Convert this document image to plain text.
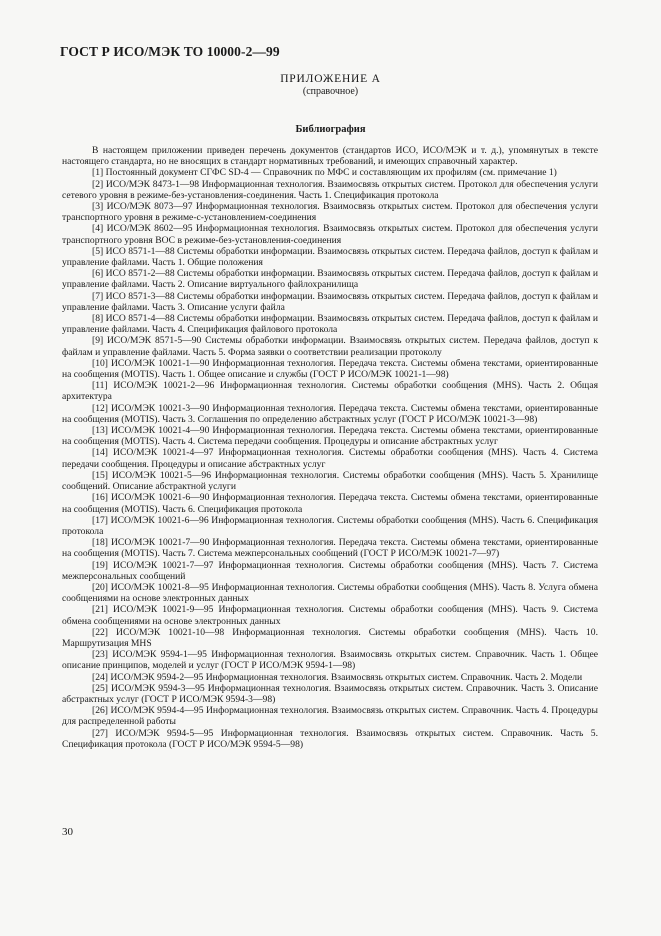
ГОСТ Р ИСО/МЭК ТО 10000-2—99
ПРИЛОЖЕНИЕ А
(справочное)
Библиография

В настоящем приложении приведен перечень документов (стандартов ИСО, ИСО/МЭК и т. д.), упомянутых в тексте настоящего стандарта, но не вносящих в стандарт нормативных требований, и имеющих справочный характер.

[1] Постоянный документ СГФС SD-4 — Справочник по МФС и составляющим их профилям (см. примечание 1)

[2] ИСО/МЭК 8473-1—98 Информационная технология. Взаимосвязь открытых систем. Протокол для обеспечения услуги сетевого уровня в режиме-без-установления-соединения. Часть 1. Спецификация протокола

[3] ИСО/МЭК 8073—97 Информационная технология. Взаимосвязь открытых систем. Протокол для обеспечения услуги транспортного уровня в режиме-с-установлением-соединения

[4] ИСО/МЭК 8602—95 Информационная технология. Взаимосвязь открытых систем. Протокол для обеспечения услуги транспортного уровня ВОС в режиме-без-установления-соединения

[5] ИСО 8571-1—88 Системы обработки информации. Взаимосвязь открытых систем. Передача файлов, доступ к файлам и управление файлами. Часть 1. Общие положения

[6] ИСО 8571-2—88 Системы обработки информации. Взаимосвязь открытых систем. Передача файлов, доступ к файлам и управление файлами. Часть 2. Описание виртуального файлохранилища

[7] ИСО 8571-3—88 Системы обработки информации. Взаимосвязь открытых систем. Передача файлов, доступ к файлам и управление файлами. Часть 3. Описание услуги файла

[8] ИСО 8571-4—88 Системы обработки информации. Взаимосвязь открытых систем. Передача файлов, доступ к файлам и управление файлами. Часть 4. Спецификация файлового протокола

[9] ИСО/МЭК 8571-5—90 Системы обработки информации. Взаимосвязь открытых систем. Передача файлов, доступ к файлам и управление файлами. Часть 5. Форма заявки о соответствии реализации протоколу

[10] ИСО/МЭК 10021-1—90 Информационная технология. Передача текста. Системы обмена текстами, ориентированные на сообщения (MOTIS). Часть 1. Общее описание и службы (ГОСТ Р ИСО/МЭК 10021-1—98)

[11] ИСО/МЭК 10021-2—96 Информационная технология. Системы обработки сообщения (MHS). Часть 2. Общая архитектура

[12] ИСО/МЭК 10021-3—90 Информационная технология. Передача текста. Системы обмена текстами, ориентированные на сообщения (MOTIS). Часть 3. Соглашения по определению абстрактных услуг (ГОСТ Р ИСО/МЭК 10021-3—98)

[13] ИСО/МЭК 10021-4—90 Информационная технология. Передача текста. Системы обмена текстами, ориентированные на сообщения (MOTIS). Часть 4. Система передачи сообщения. Процедуры и описание абстрактных услуг

[14] ИСО/МЭК 10021-4—97 Информационная технология. Системы обработки сообщения (MHS). Часть 4. Система передачи сообщения. Процедуры и описание абстрактных услуг

[15] ИСО/МЭК 10021-5—96 Информационная технология. Системы обработки сообщения (MHS). Часть 5. Хранилище сообщений. Описание абстрактной услуги

[16] ИСО/МЭК 10021-6—90 Информационная технология. Передача текста. Системы обмена текстами, ориентированные на сообщения (MOTIS). Часть 6. Спецификация протокола

[17] ИСО/МЭК 10021-6—96 Информационная технология. Системы обработки сообщения (MHS). Часть 6. Спецификация протокола

[18] ИСО/МЭК 10021-7—90 Информационная технология. Передача текста. Системы обмена текстами, ориентированные на сообщения (MOTIS). Часть 7. Система межперсональных сообщений (ГОСТ Р ИСО/МЭК 10021-7—97)

[19] ИСО/МЭК 10021-7—97 Информационная технология. Системы обработки сообщения (MHS). Часть 7. Система межперсональных сообщений

[20] ИСО/МЭК 10021-8—95 Информационная технология. Системы обработки сообщения (MHS). Часть 8. Услуга обмена сообщениями на основе электронных данных

[21] ИСО/МЭК 10021-9—95 Информационная технология. Системы обработки сообщения (MHS). Часть 9. Система обмена сообщениями на основе электронных данных

[22] ИСО/МЭК 10021-10—98 Информационная технология. Системы обработки сообщения (MHS). Часть 10. Маршрутизация MHS

[23] ИСО/МЭК 9594-1—95 Информационная технология. Взаимосвязь открытых систем. Справочник. Часть 1. Общее описание принципов, моделей и услуг (ГОСТ Р ИСО/МЭК 9594-1—98)

[24] ИСО/МЭК 9594-2—95 Информационная технология. Взаимосвязь открытых систем. Справочник. Часть 2. Модели

[25] ИСО/МЭК 9594-3—95 Информационная технология. Взаимосвязь открытых систем. Справочник. Часть 3. Описание абстрактных услуг (ГОСТ Р ИСО/МЭК 9594-3—98)

[26] ИСО/МЭК 9594-4—95 Информационная технология. Взаимосвязь открытых систем. Справочник. Часть 4. Процедуры для распределенной работы

[27] ИСО/МЭК 9594-5—95 Информационная технология. Взаимосвязь открытых систем. Справочник. Часть 5. Спецификация протокола (ГОСТ Р ИСО/МЭК 9594-5—98)

30
